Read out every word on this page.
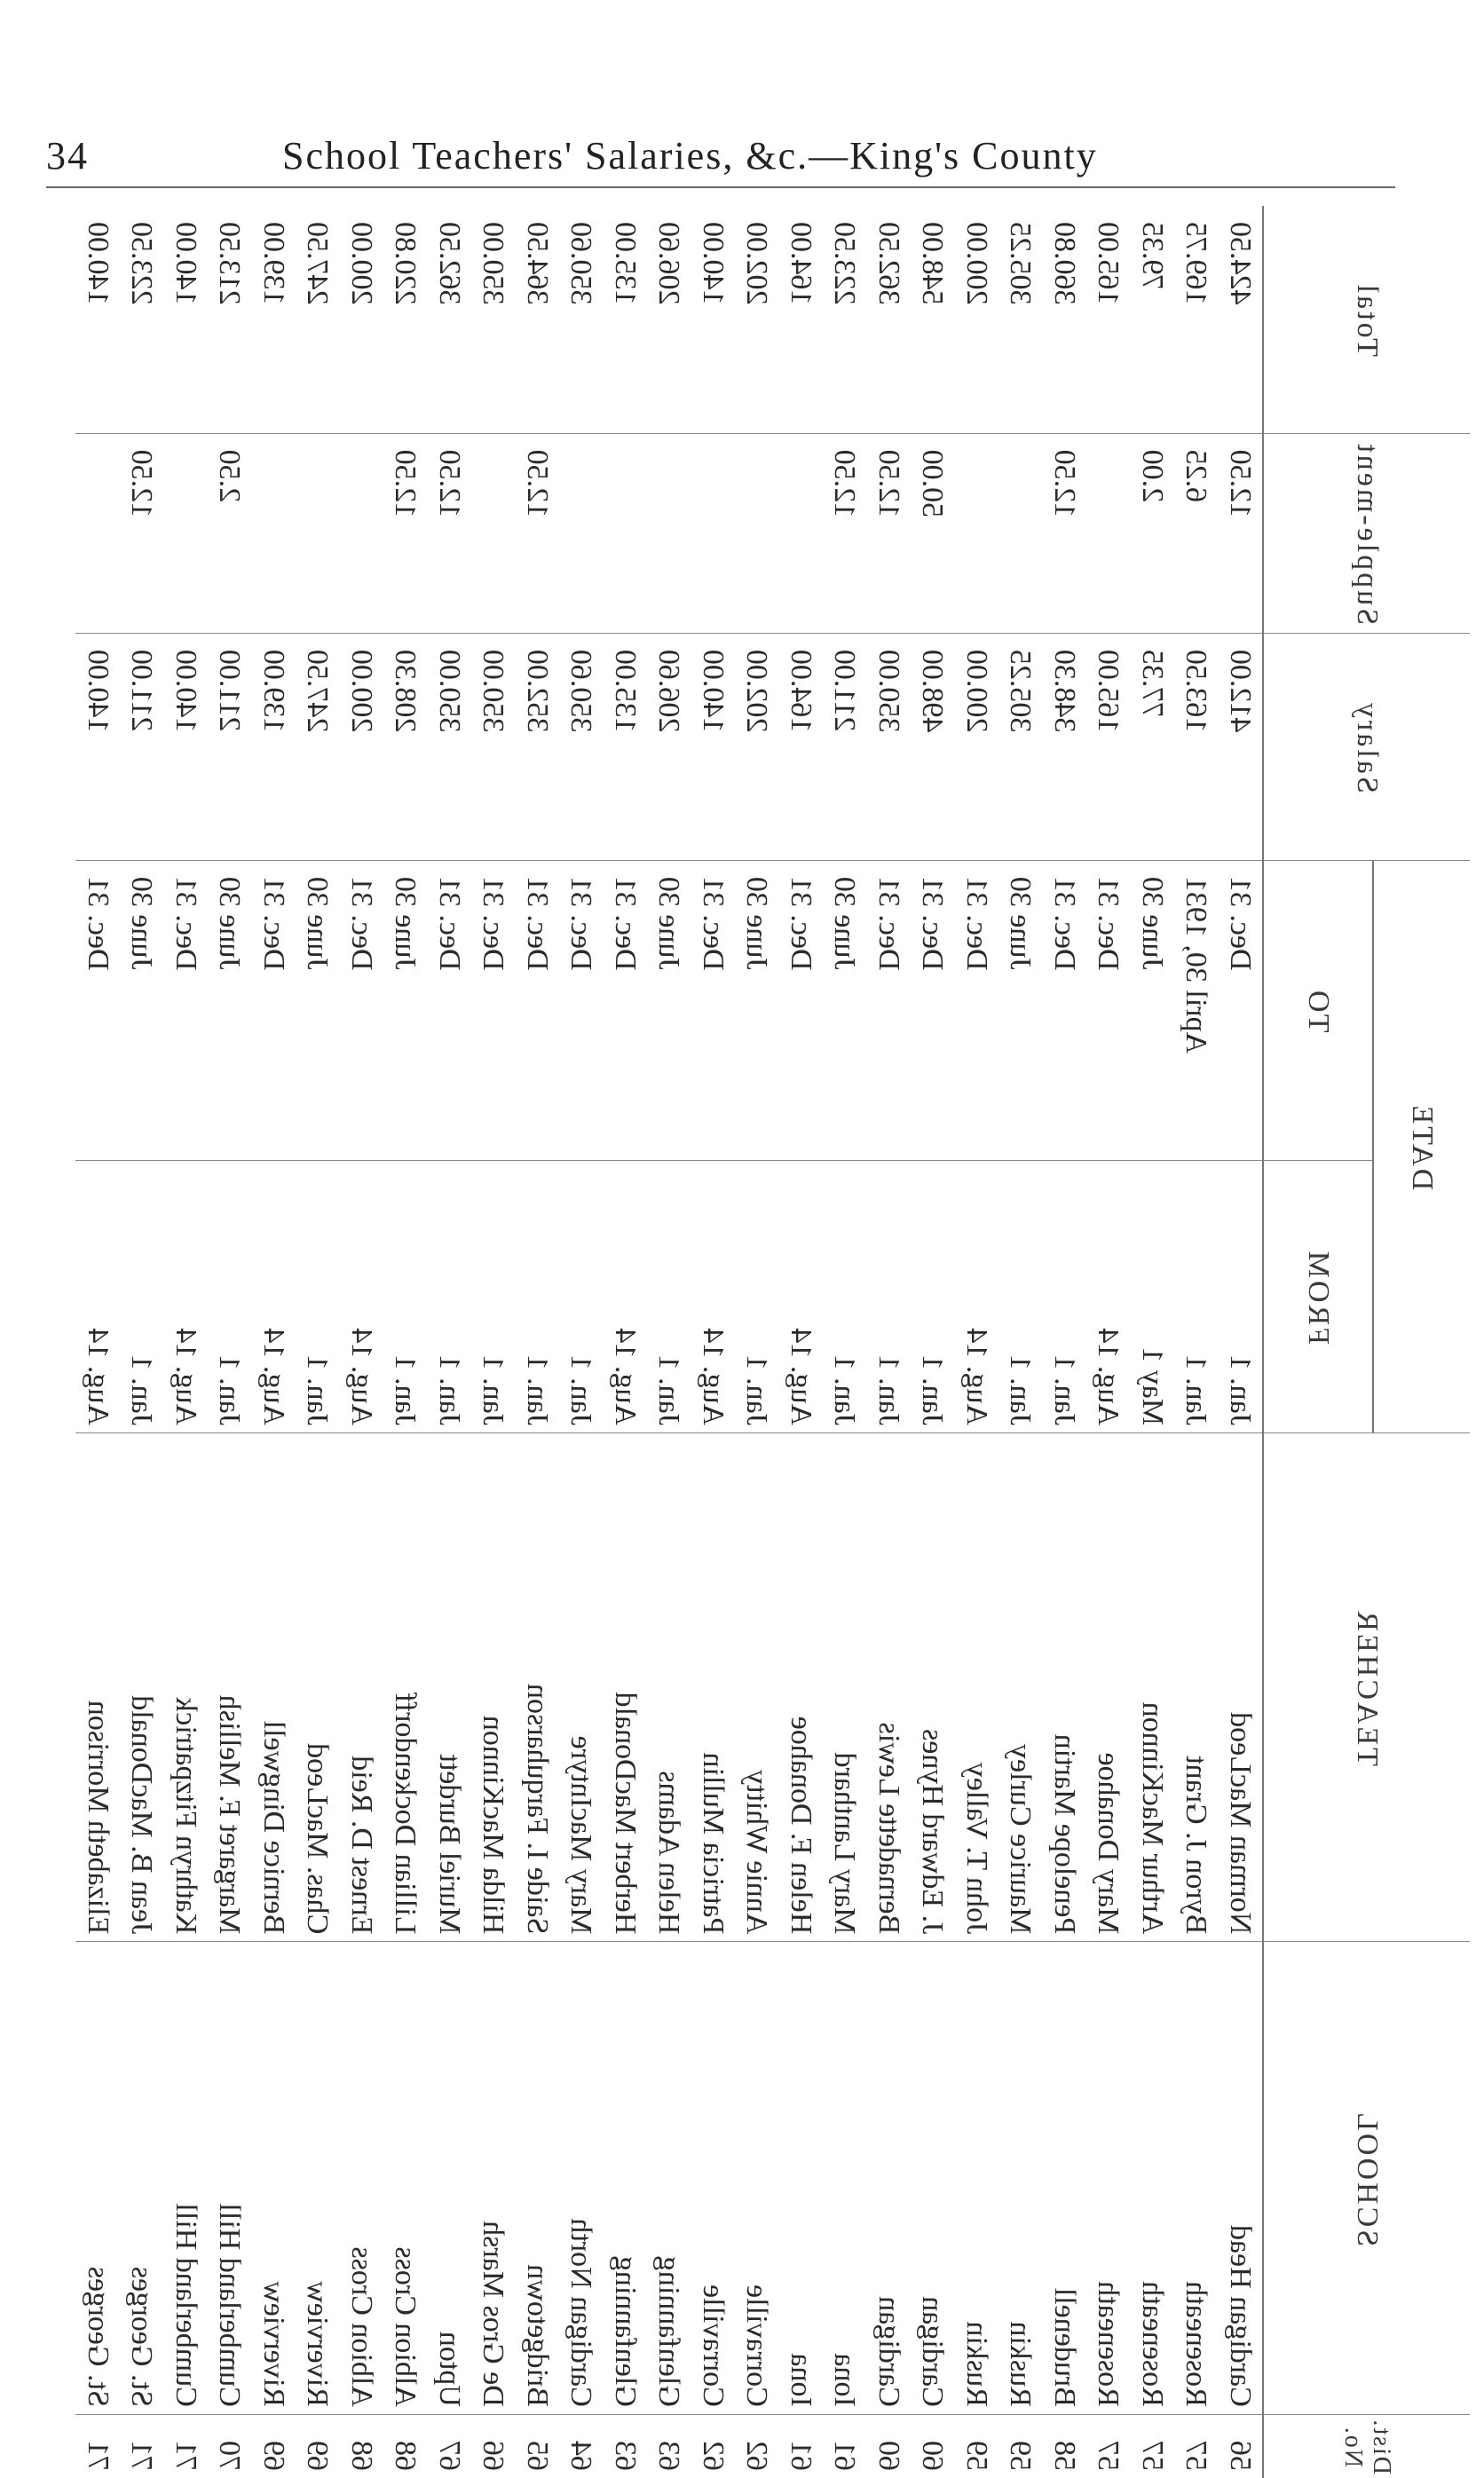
34	School Teachers' Salaries, &c.—King's County
Dist. No.	SCHOOL	TEACHER	DATE		Salary	Supple-ment	Total
			FROM	TO			
56	Cardigan Head	Norman MacLeod	Jan. 1	Dec. 31	412.00	12.50	424.50
57	Roseneath	Byron J. Grant	Jan. 1	April 30, 1931	163.50	6.25	169.75
57	Roseneath	Arthur MacKinnon	May 1	June 30	77.35	2.00	79.35
57	Roseneath	Mary Donahoe	Aug. 14	Dec. 31	165.00		165.00
58	Brudenell	Penelope Martin	Jan. 1	Dec. 31	348.30	12.50	360.80
59	Ruskin	Maurice Curley	Jan. 1	June 30	305.25		305.25
59	Ruskin	John T. Valley	Aug. 14	Dec. 31	200.00		200.00
60	Cardigan	J. Edward Hynes	Jan. 1	Dec. 31	498.00	50.00	548.00
60	Cardigan	Bernadette Lewis	Jan. 1	Dec. 31	350.00	12.50	362.50
61	Iona	Mary Lanthard	Jan. 1	June 30	211.00	12.50	223.50
61	Iona	Helen F. Donahoe	Aug. 14	Dec. 31	164.00		164.00
62	Corraville	Annie Whitty	Jan. 1	June 30	202.00		202.00
62	Corraville	Patricia Mullin	Aug. 14	Dec. 31	140.00		140.00
63	Glenfanning	Helen Adams	Jan. 1	June 30	206.60		206.60
63	Glenfanning	Herbert MacDonald	Aug. 14	Dec. 31	135.00		135.00
64	Cardigan North	Mary MacIntyre	Jan. 1	Dec. 31	350.60		350.60
65	Bridgetown	Saide I. Farquharson	Jan. 1	Dec. 31	352.00	12.50	364.50
66	De Gros Marsh	Hilda MacKinnon	Jan. 1	Dec. 31	350.00		350.00
67	Upton	Muriel Burdett	Jan. 1	Dec. 31	350.00	12.50	362.50
68	Albion Cross	Lillian Dockendorff	Jan. 1	June 30	208.30	12.50	220.80
68	Albion Cross	Ernest D. Reid	Aug. 14	Dec. 31	200.00		200.00
69	Riverview	Chas. MacLeod	Jan. 1	June 30	247.50		247.50
69	Riverview	Bernice Dingwell	Aug. 14	Dec. 31	139.00		139.00
70	Cumberland Hill	Margaret F. Mellish	Jan. 1	June 30	211.00	2.50	213.50
71	Cumberland Hill	Kathryn Fitzpatrick	Aug. 14	Dec. 31	140.00		140.00
71	St. Georges	Jean B. MacDonald	Jan. 1	June 30	211.00	12.50	223.50
71	St. Georges	Elizabeth Morrison	Aug. 14	Dec. 31	140.00		140.00
